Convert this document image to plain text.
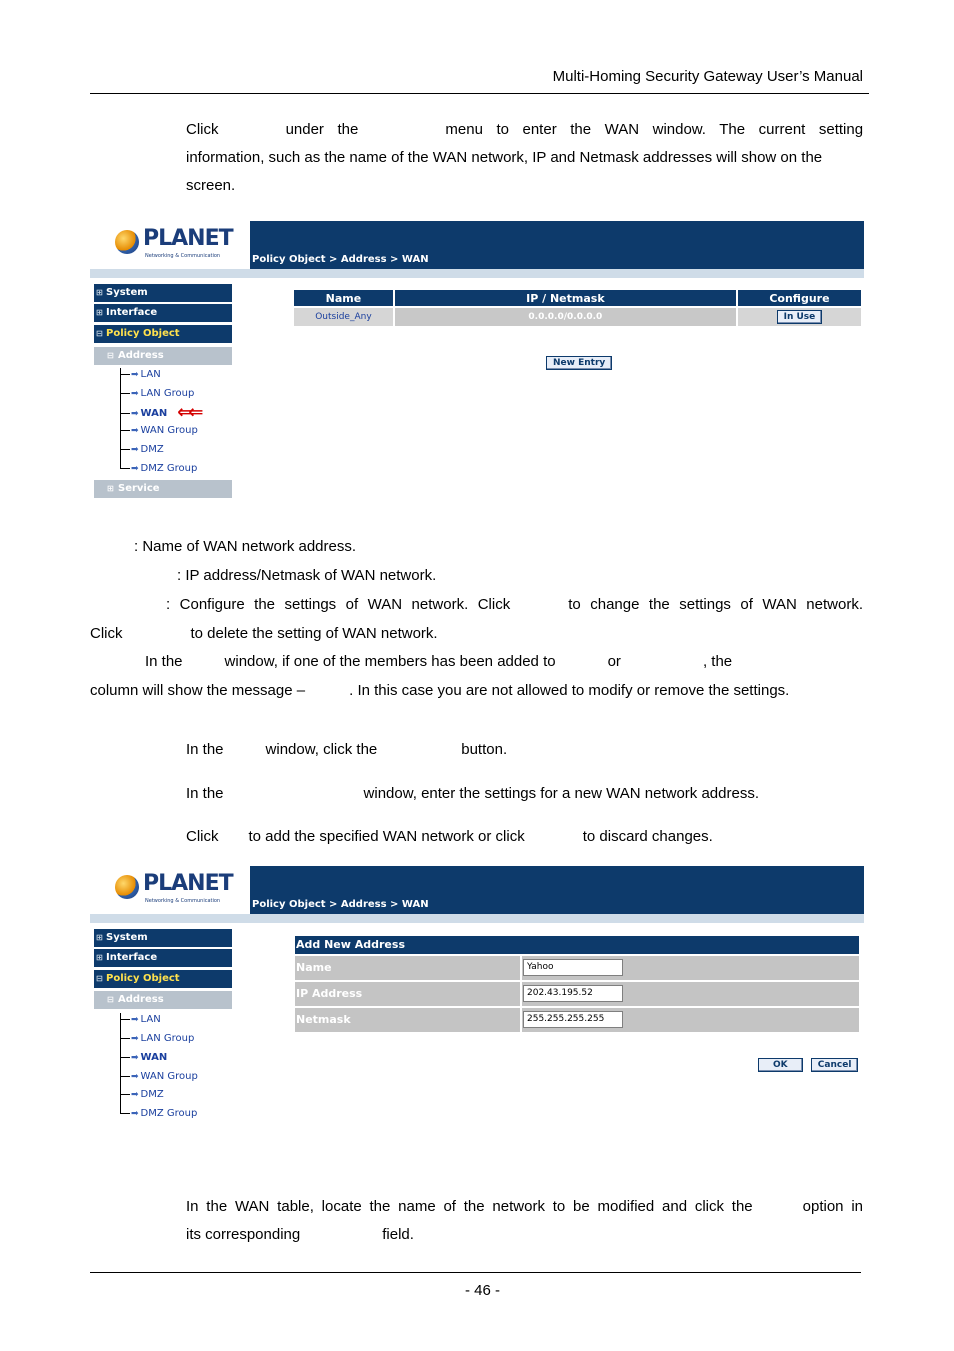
Multi-Homing Security Gateway User’s Manual
Click	under the	menu to enter the WAN window. The current setting
information, such as the name of the WAN network, IP and Netmask addresses will show on the
screen.
PLANET
Networking & Communication	Policy Object > Address > WAN
⊞ System
⊞ Interface
⊟ Policy Object
⊟ Address
➡ LAN
➡ LAN Group
➡ WAN ⇐⇐
➡ WAN Group
➡ DMZ
➡ DMZ Group
⊞ Service
Name	IP / Netmask	Configure
Outside_Any	0.0.0.0/0.0.0.0	In Use
New Entry
: Name of WAN network address.
: IP address/Netmask of WAN network.
: Configure the settings of WAN network. Click	to change the settings of WAN network.
Click	to delete the setting of WAN network.
In the	window, if one of the members has been added to	or	, the
column will show the message –	. In this case you are not allowed to modify or remove the settings.
In the	window, click the	button.
In the	window, enter the settings for a new WAN network address.
Click to add the specified WAN network or click	to discard changes.
PLANET
Networking & Communication	Policy Object > Address > WAN
⊞ System
⊞ Interface
⊟ Policy Object
⊟ Address
➡ LAN
➡ LAN Group
➡ WAN
➡ WAN Group
➡ DMZ
➡ DMZ Group
Add New Address
Name	Yahoo
IP Address	202.43.195.52
Netmask	255.255.255.255
OK	Cancel
In the WAN table, locate the name of the network to be modified and click the	option in
its corresponding	field.
- 46 -
